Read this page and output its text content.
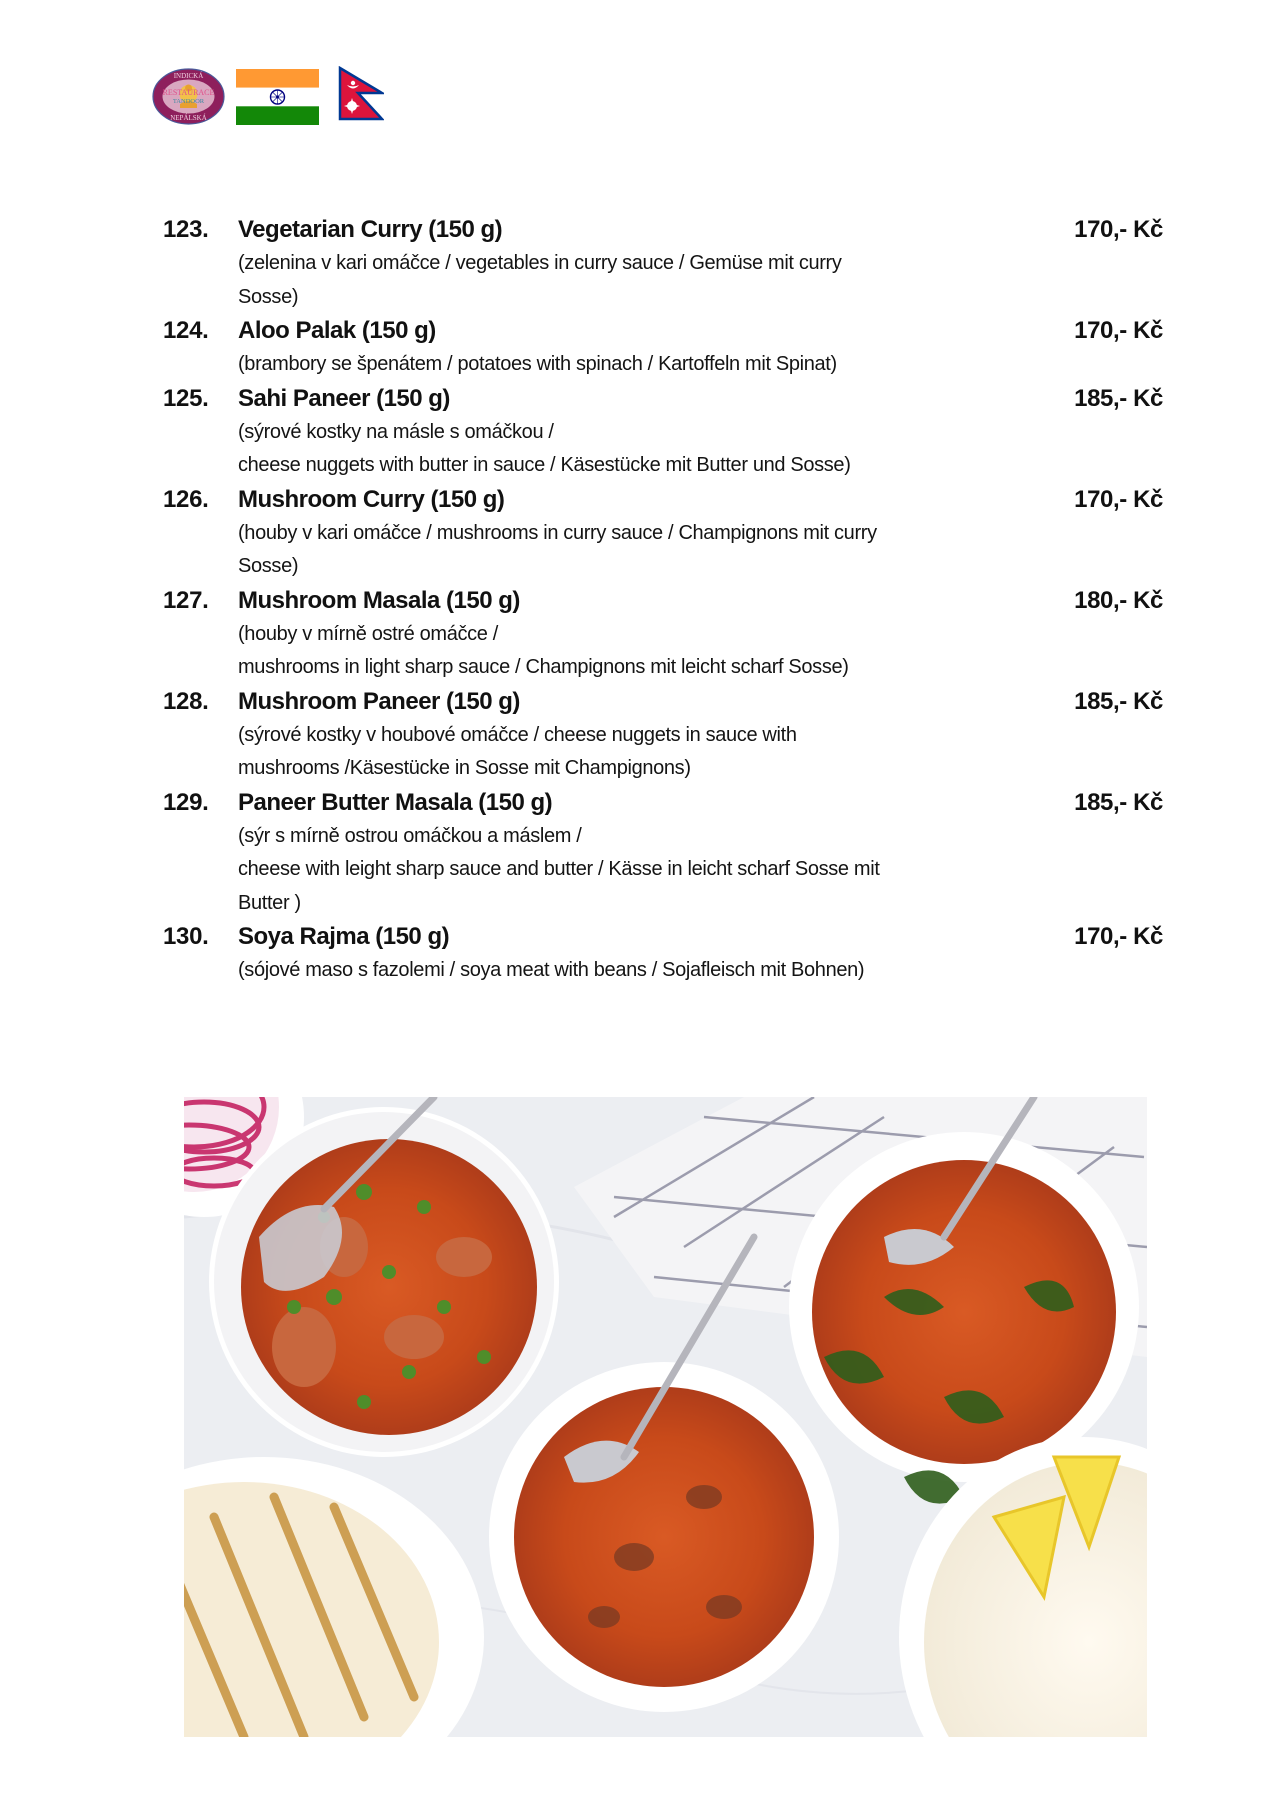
INDICKÁ
RESTAURACE
TANDOOR
NEPÁLSKÁ
123.	Vegetarian Curry (150 g)	170,- Kč
(zelenina v kari omáčce / vegetables in curry sauce / Gemüse mit curry
Sosse)
124.	Aloo Palak (150 g)	170,- Kč
(brambory se špenátem / potatoes with spinach / Kartoffeln mit Spinat)
125.	Sahi Paneer (150 g)	185,- Kč
(sýrové kostky na másle s omáčkou /
cheese nuggets with butter in sauce / Käsestücke mit Butter und Sosse)
126.	Mushroom Curry (150 g)	170,- Kč
(houby v kari omáčce / mushrooms in curry sauce / Champignons mit curry
Sosse)
127.	Mushroom Masala (150 g)	180,- Kč
(houby v mírně ostré omáčce /
mushrooms in light sharp sauce / Champignons mit leicht scharf Sosse)
128.	Mushroom Paneer (150 g)	185,- Kč
(sýrové kostky v houbové omáčce / cheese nuggets in sauce with
mushrooms /Käsestücke in Sosse mit Champignons)
129.	Paneer Butter Masala (150 g)	185,- Kč
(sýr s mírně ostrou omáčkou a máslem /
cheese with leight sharp sauce and butter / Kässe in leicht scharf Sosse mit
Butter )
130.	Soya Rajma (150 g)	170,- Kč
(sójové maso s fazolemi / soya meat with beans / Sojafleisch mit Bohnen)
